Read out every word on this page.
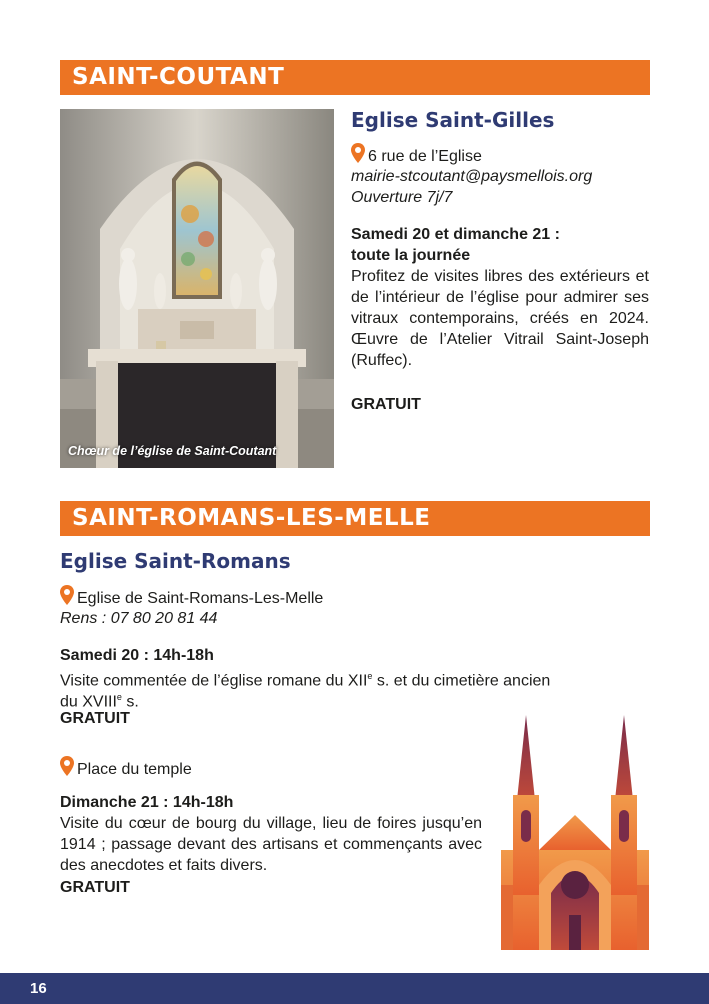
SAINT-COUTANT
Chœur de l’église de Saint-Coutant
Eglise Saint-Gilles
6 rue de l’Eglise
mairie-stcoutant@paysmellois.org
Ouverture 7j/7
Samedi 20 et dimanche 21 :
toute la journée
Profitez de visites libres des extérieurs et de l’intérieur de l’église pour admirer ses vitraux contemporains, créés en 2024. Œuvre de l’Atelier Vitrail Saint-Joseph (Ruffec).
GRATUIT
SAINT-ROMANS-LES-MELLE
Eglise Saint-Romans
Eglise de Saint-Romans-Les-Melle
Rens : 07 80 20 81 44
Samedi 20 : 14h-18h
Visite commentée de l’église romane du XIIe s. et du cimetière ancien
du XVIIIe s.
GRATUIT
Place du temple
Dimanche 21 : 14h-18h
Visite du cœur de bourg du village, lieu de foires jusqu’en 1914 ; passage devant des artisans et commençants avec des anecdotes et faits divers.
GRATUIT
16
